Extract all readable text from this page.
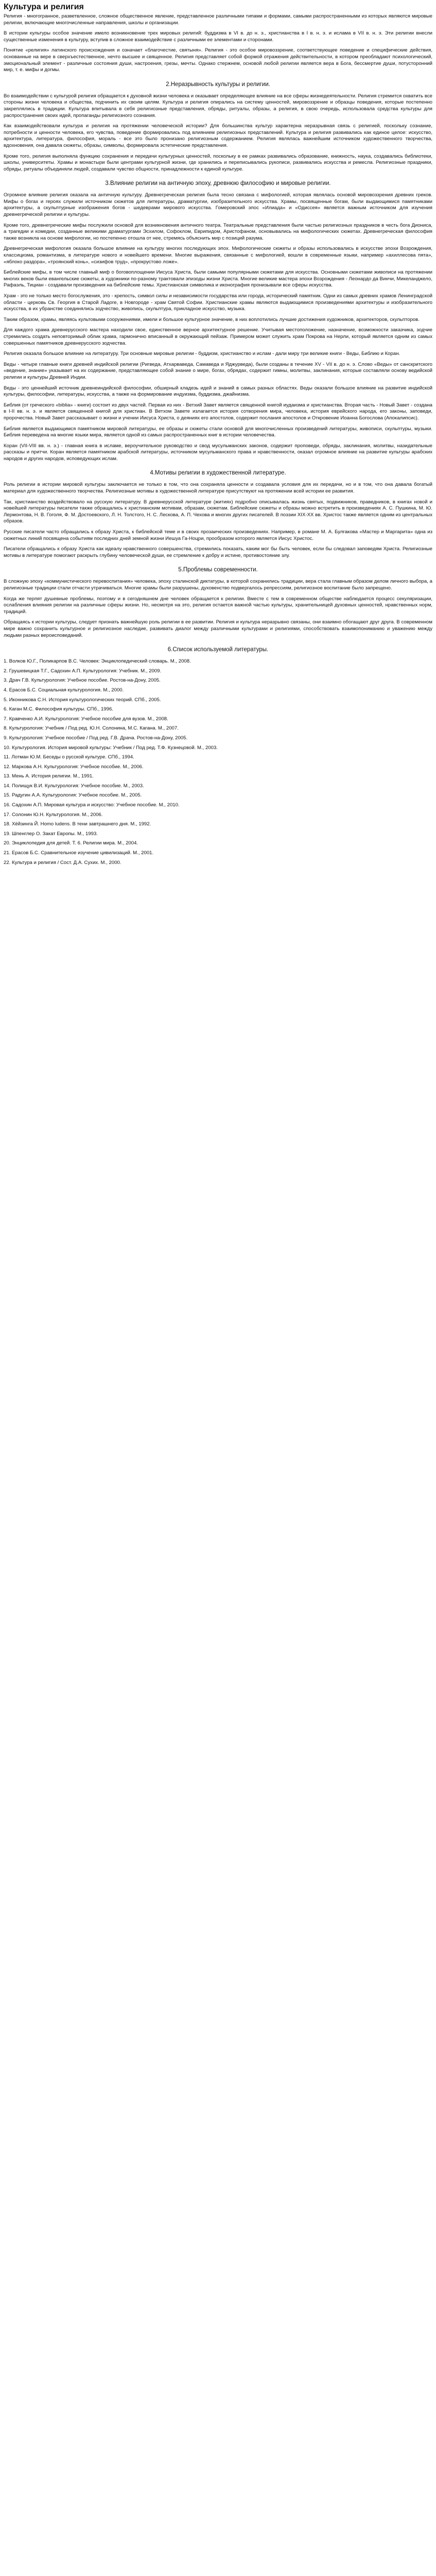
Культура и религия

Религия - многогранное, разветвленное, сложное общественное явление, представленное различными типами и формами, самыми распространенными из которых являются мировые религии, включающие многочисленные направления, школы и организации.

В истории культуры особое значение имело возникновение трех мировых религий: буддизма в VI в. до н. э., христианства в I в. н. э. и ислама в VII в. н. э. Эти религии внесли существенные изменения в культуру, вступив в сложное взаимодействие с различными ее элементами и сторонами.

Понятие «религия» латинского происхождения и означает «благочестие, святыня». Религия - это особое мировоззрение, соответствующее поведение и специфические действия, основанные на вере в сверхъестественное, нечто высшее и священное. Религия представляет собой формой отражения действительности, в котором преобладают психологический, эмоциональный элемент - различные состояния души, настроения, грезы, мечты. Однако стержнем, основой любой религии является вера в Бога, бессмертие души, потусторонний мир, т. е. мифы и догмы.

2.Неразрывность культуры и религии.

Во взаимодействии с культурой религия обращается к духовной жизни человека и оказывает определяющее влияние на все сферы жизнедеятельности. Религия стремится охватить все стороны жизни человека и общества, подчинить их своим целям. Культура и религия опирались на систему ценностей, мировоззрение и образцы поведения, которые постепенно закреплялись в традиции. Культура впитывала в себя религиозные представления, обряды, ритуалы, образы, а религия, в свою очередь, использовала средства культуры для распространения своих идей, пропаганды религиозного сознания.

Как взаимодействовали культура и религия на протяжении человеческой истории? Для большинства культур характерна неразрывная связь с религией, поскольку сознание, потребности и ценности человека, его чувства, поведение формировались под влиянием религиозных представлений. Культура и религия развивались как единое целое: искусство, архитектура, литература, философия, мораль - все это было пронизано религиозным содержанием. Религия являлась важнейшим источником художественного творчества, вдохновения, она давала сюжеты, образы, символы, формировала эстетические представления.

Кроме того, религия выполняла функцию сохранения и передачи культурных ценностей, поскольку в ее рамках развивались образование, книжность, наука, создавались библиотеки, школы, университеты. Храмы и монастыри были центрами культурной жизни, где хранились и переписывались рукописи, развивались искусства и ремесла. Религиозные праздники, обряды, ритуалы объединяли людей, создавали чувство общности, принадлежности к единой культуре.

3.Влияние религии на античную эпоху, древнюю философию и мировые религии.

Огромное влияние религия оказала на античную культуру. Древнегреческая религия была тесно связана с мифологией, которая являлась основой мировоззрения древних греков. Мифы о богах и героях служили источником сюжетов для литературы, драматургии, изобразительного искусства. Храмы, посвященные богам, были выдающимися памятниками архитектуры, а скульптурные изображения богов - шедеврами мирового искусства. Гомеровский эпос «Илиада» и «Одиссея» является важным источником для изучения древнегреческой религии и культуры.

Кроме того, древнегреческие мифы послужили основой для возникновения античного театра. Театральные представления были частью религиозных праздников в честь бога Диониса, а трагедии и комедии, созданные великими драматургами Эсхилом, Софоклом, Еврипидом, Аристофаном, основывались на мифологических сюжетах. Древнегреческая философия также возникла на основе мифологии, но постепенно отошла от нее, стремясь объяснить мир с позиций разума.

Древнегреческая мифология оказала большое влияние на культуру многих последующих эпох. Мифологические сюжеты и образы использовались в искусстве эпохи Возрождения, классицизма, романтизма, в литературе нового и новейшего времени. Многие выражения, связанные с мифологией, вошли в современные языки, например «ахиллесова пята», «яблоко раздора», «троянский конь», «сизифов труд», «прокрустово ложе».

Библейские мифы, в том числе главный миф о боговоплощении Иисуса Христа, были самыми популярными сюжетами для искусства. Основными сюжетами живописи на протяжении многих веков были евангельские сюжеты, а художники по-разному трактовали эпизоды жизни Христа. Многие великие мастера эпохи Возрождения - Леонардо да Винчи, Микеланджело, Рафаэль, Тициан - создавали произведения на библейские темы. Христианская символика и иконография пронизывали все сферы искусства.

Храм - это не только место богослужения, это - крепость, символ силы и независимости государства или города, исторический памятник. Одни из самых древних храмов Ленинградской области - церковь Св. Георгия в Старой Ладоге, в Новгороде - храм Святой Софии. Христианские храмы являются выдающимися произведениями архитектуры и изобразительного искусства, в их убранстве соединялись зодчество, живопись, скульптура, прикладное искусство, музыка.

Таким образом, храмы, являясь культовыми сооружениями, имели и большое культурное значение, в них воплотились лучшие достижения художников, архитекторов, скульпторов.

Для каждого храма древнерусского мастера находили свое, единственное верное архитектурное решение. Учитывая местоположение, назначение, возможности заказчика, зодчие стремились создать неповторимый облик храма, гармонично вписанный в окружающий пейзаж. Примером может служить храм Покрова на Нерли, который является одним из самых совершенных памятников древнерусского зодчества.

Религия оказала большое влияние на литературу. Три основные мировые религии - буддизм, христианство и ислам - дали миру три великие книги - Веды, Библию и Коран.

Веды - четыре главные книги древней индийской религии (Ригведа, Атхарваведа, Самаведа и Яджурведа), были созданы в течение XV - VII в. до н. э. Слово «Веды» от санскритского «ведение, знание» указывает на их содержание, представляющее собой знание о мире, богах, обрядах, содержит гимны, молитвы, заклинания, которые составляли основу ведийской религии и культуры Древней Индии.

Веды - это ценнейший источник древнеиндийской философии, обширный кладезь идей и знаний в самых разных областях. Веды оказали большое влияние на развитие индийской культуры, философии, литературы, искусства, а также на формирование индуизма, буддизма, джайнизма.

Библия (от греческого «biblia» - книги) состоит из двух частей. Первая из них - Ветхий Завет является священной книгой иудаизма и христианства. Вторая часть - Новый Завет - создана в I-II вв. н. э. и является священной книгой для христиан. В Ветхом Завете излагается история сотворения мира, человека, история еврейского народа, его законы, заповеди, пророчества. Новый Завет рассказывает о жизни и учении Иисуса Христа, о деяниях его апостолов, содержит послания апостолов и Откровение Иоанна Богослова (Апокалипсис).

Библия является выдающимся памятником мировой литературы, ее образы и сюжеты стали основой для многочисленных произведений литературы, живописи, скульптуры, музыки. Библия переведена на многие языки мира, является одной из самых распространенных книг в истории человечества.

Коран (VII-VIII вв. н. э.) - главная книга в исламе, вероучительное руководство и свод мусульманских законов, содержит проповеди, обряды, заклинания, молитвы, назидательные рассказы и притчи. Коран является памятником арабской литературы, источником мусульманского права и нравственности, оказал огромное влияние на развитие культуры арабских народов и других народов, исповедующих ислам.

4.Мотивы религии в художественной литературе.

Роль религии в истории мировой культуры заключается не только в том, что она сохраняла ценности и создавала условия для их передачи, но и в том, что она давала богатый материал для художественного творчества. Религиозные мотивы в художественной литературе присутствуют на протяжении всей истории ее развития.

Так, христианство воздействовало на русскую литературу. В древнерусской литературе (житиях) подробно описывалась жизнь святых, подвижников, праведников, в книгах новой и новейшей литературы писатели также обращались к христианским мотивам, образам, сюжетам. Библейские сюжеты и образы можно встретить в произведениях А. С. Пушкина, М. Ю. Лермонтова, Н. В. Гоголя, Ф. М. Достоевского, Л. Н. Толстого, Н. С. Лескова, А. П. Чехова и многих других писателей. В поэзии XIX-XX вв. Христос также является одним из центральных образов.

Русские писатели часто обращались к образу Христа, к библейской теме и в своих прозаических произведениях. Например, в романе М. А. Булгакова «Мастер и Маргарита» одна из сюжетных линий посвящена событиям последних дней земной жизни Иешуа Га-Ноцри, прообразом которого является Иисус Христос.

Писатели обращались к образу Христа как идеалу нравственного совершенства, стремились показать, каким мог бы быть человек, если бы следовал заповедям Христа. Религиозные мотивы в литературе помогают раскрыть глубину человеческой души, ее стремление к добру и истине, противостояние злу.

5.Проблемы современности.

В сложную эпоху «коммунистического перевоспитания» человека, эпоху сталинской диктатуры, в которой сохранились традиции, вера стала главным образом делом личного выбора, а религиозные традиции стали отчасти утрачиваться. Многие храмы были разрушены, духовенство подвергалось репрессиям, религиозное воспитание было запрещено.

Когда же терпят душевные проблемы, поэтому и в сегодняшнем дне человек обращается к религии. Вместе с тем в современном обществе наблюдается процесс секуляризации, ослабления влияния религии на различные сферы жизни. Но, несмотря на это, религия остается важной частью культуры, хранительницей духовных ценностей, нравственных норм, традиций.

Обращаясь к истории культуры, следует признать важнейшую роль религии в ее развитии. Религия и культура неразрывно связаны, они взаимно обогащают друг друга. В современном мире важно сохранить культурное и религиозное наследие, развивать диалог между различными культурами и религиями, способствовать взаимопониманию и уважению между людьми разных вероисповеданий.

6.Список используемой литературы.

1. Волков Ю.Г., Поликарпов В.С. Человек: Энциклопедический словарь. М., 2008.

2. Грушевицкая Т.Г., Садохин А.П. Культурология: Учебник. М., 2009.

3. Драч Г.В. Культурология: Учебное пособие. Ростов-на-Дону, 2005.

4. Ерасов Б.С. Социальная культурология. М., 2000.

5. Иконникова С.Н. История культурологических теорий. СПб., 2005.

6. Каган М.С. Философия культуры. СПб., 1996.

7. Кравченко А.И. Культурология: Учебное пособие для вузов. М., 2008.

8. Культурология: Учебник / Под ред. Ю.Н. Солонина, М.С. Кагана. М., 2007.

9. Культурология: Учебное пособие / Под ред. Г.В. Драча. Ростов-на-Дону, 2005.

10. Культурология. История мировой культуры: Учебник / Под ред. Т.Ф. Кузнецовой. М., 2003.

11. Лотман Ю.М. Беседы о русской культуре. СПб., 1994.

12. Маркова А.Н. Культурология: Учебное пособие. М., 2006.

13. Мень А. История религии. М., 1991.

14. Полищук В.И. Культурология: Учебное пособие. М., 2003.

15. Радугин А.А. Культурология: Учебное пособие. М., 2005.

16. Садохин А.П. Мировая культура и искусство: Учебное пособие. М., 2010.

17. Солонин Ю.Н. Культурология. М., 2006.

18. Хёйзинга Й. Homo ludens. В тени завтрашнего дня. М., 1992.

19. Шпенглер О. Закат Европы. М., 1993.

20. Энциклопедия для детей. Т. 6. Религии мира. М., 2004.

21. Ерасов Б.С. Сравнительное изучение цивилизаций. М., 2001.

22. Культура и религия / Сост. Д.А. Сухих. М., 2000.
